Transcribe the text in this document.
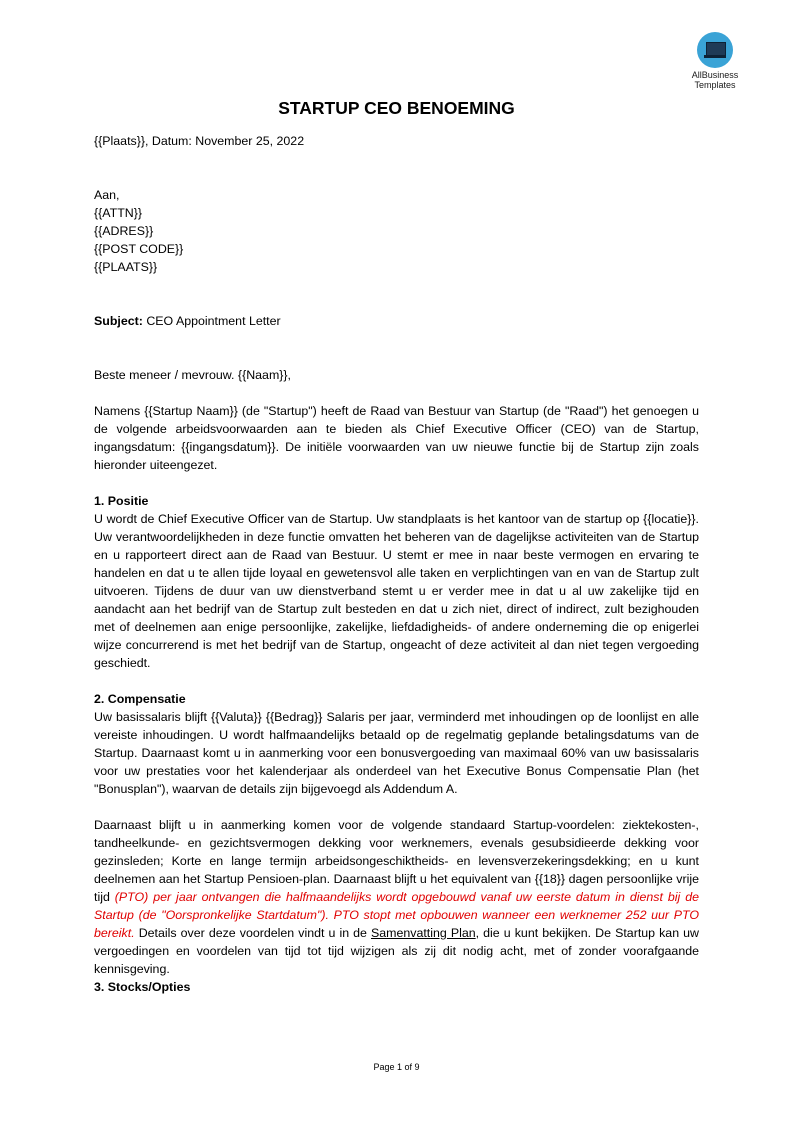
AllBusiness
Templates
STARTUP CEO BENOEMING

{{Plaats}}, Datum: November 25, 2022

Aan,

{{ATTN}}

{{ADRES}}

{{POST CODE}}

{{PLAATS}}

Subject: CEO Appointment Letter

Beste meneer / mevrouw. {{Naam}},

Namens {{Startup Naam}} (de "Startup") heeft de Raad van Bestuur van Startup (de "Raad") het genoegen u de volgende arbeidsvoorwaarden aan te bieden als Chief Executive Officer (CEO) van de Startup, ingangsdatum: {{ingangsdatum}}. De initiële voorwaarden van uw nieuwe functie bij de Startup zijn zoals hieronder uiteengezet.

1. Positie

U wordt de Chief Executive Officer van de Startup. Uw standplaats is het kantoor van de startup op {{locatie}}. Uw verantwoordelijkheden in deze functie omvatten het beheren van de dagelijkse activiteiten van de Startup en u rapporteert direct aan de Raad van Bestuur. U stemt er mee in naar beste vermogen en ervaring te handelen en dat u te allen tijde loyaal en gewetensvol alle taken en verplichtingen van en van de Startup zult uitvoeren. Tijdens de duur van uw dienstverband stemt u er verder mee in dat u al uw zakelijke tijd en aandacht aan het bedrijf van de Startup zult besteden en dat u zich niet, direct of indirect, zult bezighouden met of deelnemen aan enige persoonlijke, zakelijke, liefdadigheids- of andere onderneming die op enigerlei wijze concurrerend is met het bedrijf van de Startup, ongeacht of deze activiteit al dan niet tegen vergoeding geschiedt.

2. Compensatie

Uw basissalaris blijft {{Valuta}} {{Bedrag}} Salaris per jaar, verminderd met inhoudingen op de loonlijst en alle vereiste inhoudingen. U wordt halfmaandelijks betaald op de regelmatig geplande betalingsdatums van de Startup. Daarnaast komt u in aanmerking voor een bonusvergoeding van maximaal 60% van uw basissalaris voor uw prestaties voor het kalenderjaar als onderdeel van het Executive Bonus Compensatie Plan (het "Bonusplan"), waarvan de details zijn bijgevoegd als Addendum A.

Daarnaast blijft u in aanmerking komen voor de volgende standaard Startup-voordelen: ziektekosten-, tandheelkunde- en gezichtsvermogen dekking voor werknemers, evenals gesubsidieerde dekking voor gezinsleden; Korte en lange termijn arbeidsongeschiktheids- en levensverzekeringsdekking; en u kunt deelnemen aan het Startup Pensioen-plan. Daarnaast blijft u het equivalent van {{18}} dagen persoonlijke vrije tijd (PTO) per jaar ontvangen die halfmaandelijks wordt opgebouwd vanaf uw eerste datum in dienst bij de Startup (de "Oorspronkelijke Startdatum"). PTO stopt met opbouwen wanneer een werknemer 252 uur PTO bereikt. Details over deze voordelen vindt u in de Samenvatting Plan, die u kunt bekijken. De Startup kan uw vergoedingen en voordelen van tijd tot tijd wijzigen als zij dit nodig acht, met of zonder voorafgaande kennisgeving.

3. Stocks/Opties

Page 1 of 9
